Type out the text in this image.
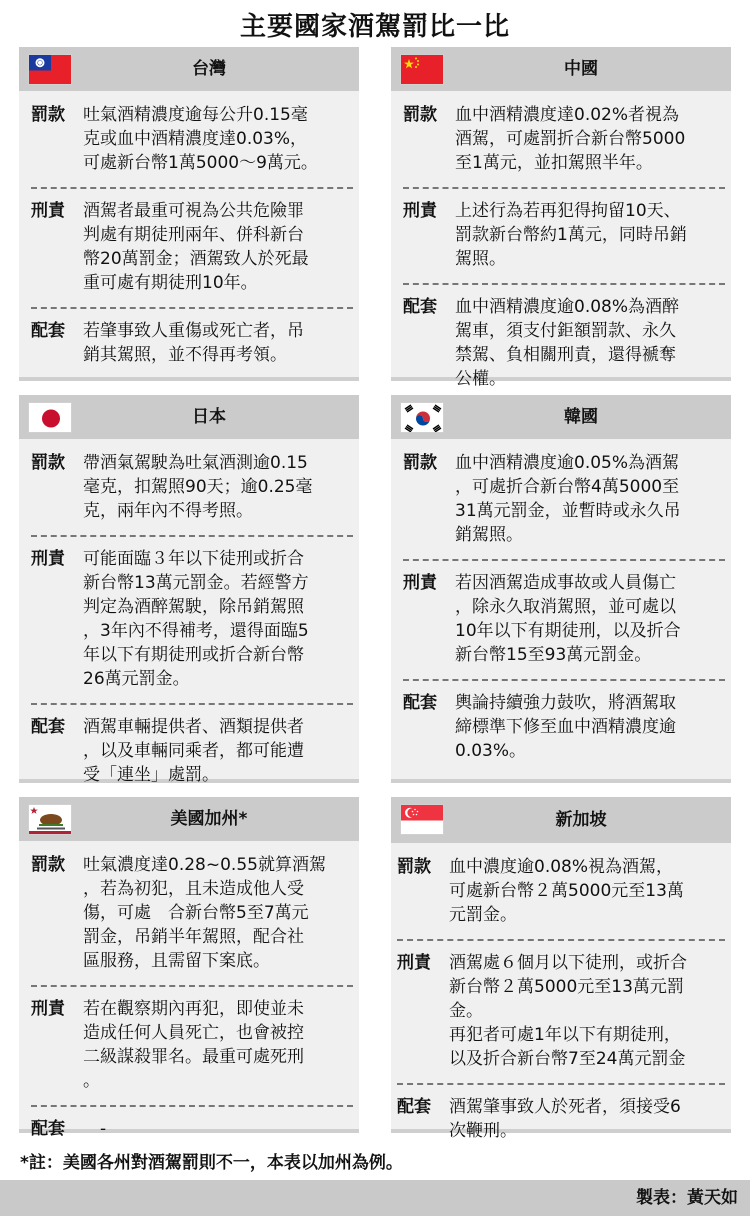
主要國家酒駕罰比一比
台灣
罰款	吐氣酒精濃度逾每公升0.15毫
克或血中酒精濃度達0.03%，
可處新台幣1萬5000～9萬元。
刑責	酒駕者最重可視為公共危險罪
判處有期徒刑兩年、併科新台
幣20萬罰金；酒駕致人於死最
重可處有期徒刑10年。
配套	若肇事致人重傷或死亡者，吊
銷其駕照，並不得再考領。
中國
罰款	血中酒精濃度達0.02%者視為
酒駕，可處罰折合新台幣5000
至1萬元，並扣駕照半年。
刑責	上述行為若再犯得拘留10天、
罰款新台幣約1萬元，同時吊銷
駕照。
配套	血中酒精濃度逾0.08%為酒醉
駕車，須支付鉅額罰款、永久
禁駕、負相關刑責，還得褫奪
公權。
日本
罰款	帶酒氣駕駛為吐氣酒測逾0.15
毫克，扣駕照90天；逾0.25毫
克，兩年內不得考照。
刑責	可能面臨３年以下徒刑或折合
新台幣13萬元罰金。若經警方
判定為酒醉駕駛，除吊銷駕照
，3年內不得補考，還得面臨5
年以下有期徒刑或折合新台幣
26萬元罰金。
配套	酒駕車輛提供者、酒類提供者
，以及車輛同乘者，都可能遭
受「連坐」處罰。
韓國
罰款	血中酒精濃度逾0.05%為酒駕
，可處折合新台幣4萬5000至
31萬元罰金，並暫時或永久吊
銷駕照。
刑責	若因酒駕造成事故或人員傷亡
，除永久取消駕照，並可處以
10年以下有期徒刑，以及折合
新台幣15至93萬元罰金。
配套	輿論持續強力鼓吹，將酒駕取
締標準下修至血中酒精濃度逾
0.03%。
美國加州*
罰款	吐氣濃度達0.28~0.55就算酒駕
，若為初犯，且未造成他人受
傷，可處　合新台幣5至7萬元
罰金，吊銷半年駕照，配合社
區服務，且需留下案底。
刑責	若在觀察期內再犯，即使並未
造成任何人員死亡，也會被控
二級謀殺罪名。最重可處死刑
。
配套	　-
新加坡
罰款	血中濃度逾0.08%視為酒駕，
可處新台幣２萬5000元至13萬
元罰金。
刑責	酒駕處６個月以下徒刑，或折合
新台幣２萬5000元至13萬元罰
金。
再犯者可處1年以下有期徒刑，
以及折合新台幣7至24萬元罰金
配套	酒駕肇事致人於死者，須接受6
次鞭刑。
*註：美國各州對酒駕罰則不一，本表以加州為例。
製表：黃天如
